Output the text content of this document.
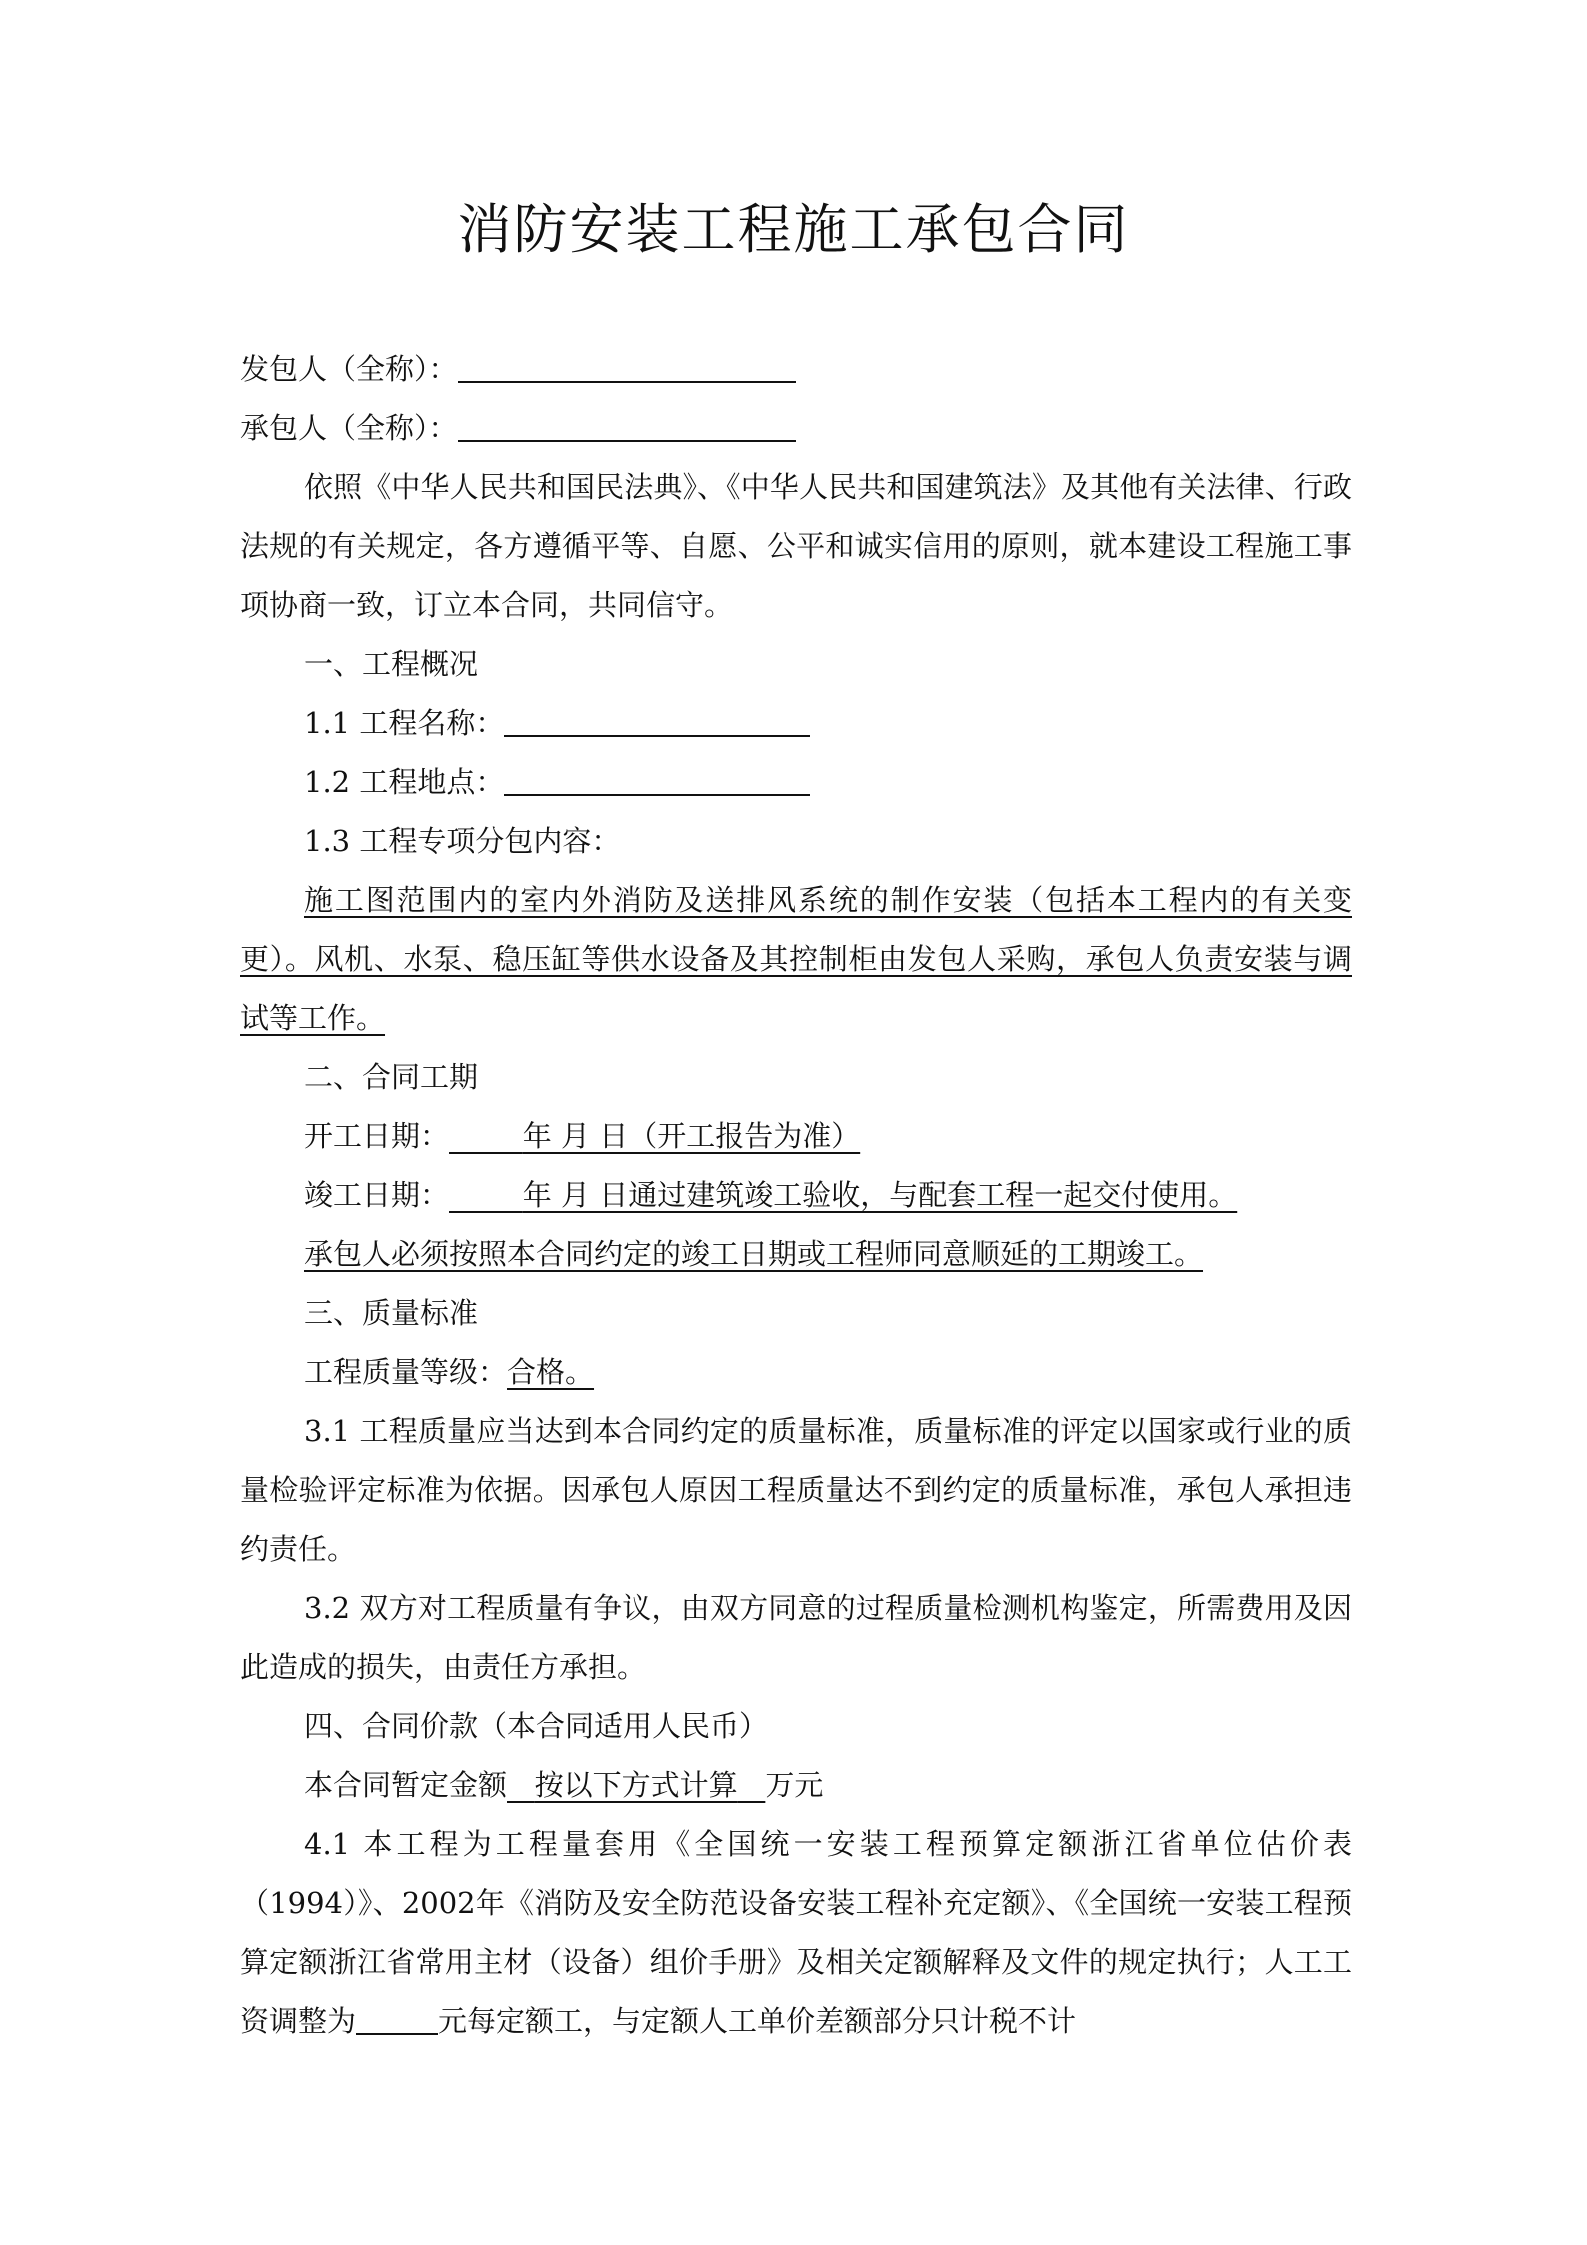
消防安装工程施工承包合同

发包人（全称）：

承包人（全称）：

依照《中华人民共和国民法典》、《中华人民共和国建筑法》及其他有关法律、行政法规的有关规定，各方遵循平等、自愿、公平和诚实信用的原则，就本建设工程施工事项协商一致，订立本合同，共同信守。

一、工程概况

1.1 工程名称：

1.2 工程地点：

1.3 工程专项分包内容：

施工图范围内的室内外消防及送排风系统的制作安装（包括本工程内的有关变更）。风机、水泵、稳压缸等供水设备及其控制柜由发包人采购，承包人负责安装与调试等工作。

二、合同工期

开工日期：	年 月 日（开工报告为准）

竣工日期：	年 月 日通过建筑竣工验收，与配套工程一起交付使用。

承包人必须按照本合同约定的竣工日期或工程师同意顺延的工期竣工。

三、质量标准

工程质量等级：合格。

3.1 工程质量应当达到本合同约定的质量标准，质量标准的评定以国家或行业的质量检验评定标准为依据。因承包人原因工程质量达不到约定的质量标准，承包人承担违约责任。

3.2 双方对工程质量有争议，由双方同意的过程质量检测机构鉴定，所需费用及因此造成的损失，由责任方承担。

四、合同价款（本合同适用人民币）

本合同暂定金额 按以下方式计算 万元

4.1 本工程为工程量套用《全国统一安装工程预算定额浙江省单位估价表（1994）》、2002年《消防及安全防范设备安装工程补充定额》、《全国统一安装工程预算定额浙江省常用主材（设备）组价手册》及相关定额解释及文件的规定执行；人工工资调整为	元每定额工，与定额人工单价差额部分只计税不计
